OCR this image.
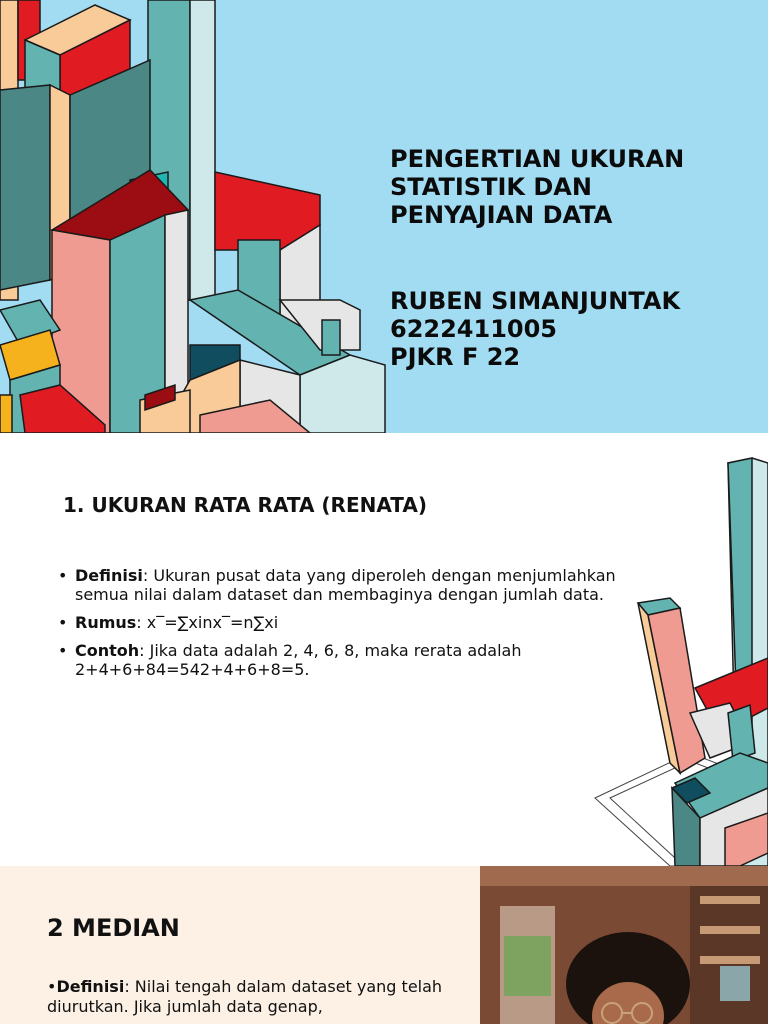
PENGERTIAN UKURAN
STATISTIK DAN
PENYAJIAN DATA
RUBEN SIMANJUNTAK
6222411005
PJKR F 22
1. UKURAN RATA RATA (RENATA)
• Definisi: Ukuran pusat data yang diperoleh dengan menjumlahkan semua nilai dalam dataset dan membaginya dengan jumlah data.
• Rumus: x‾=∑xinx‾=n∑xi
• Contoh: Jika data adalah 2, 4, 6, 8, maka rerata adalah 2+4+6+84=542+4+6+8=5.
2 MEDIAN
•Definisi: Nilai tengah dalam dataset yang telah diurutkan. Jika jumlah data genap,
